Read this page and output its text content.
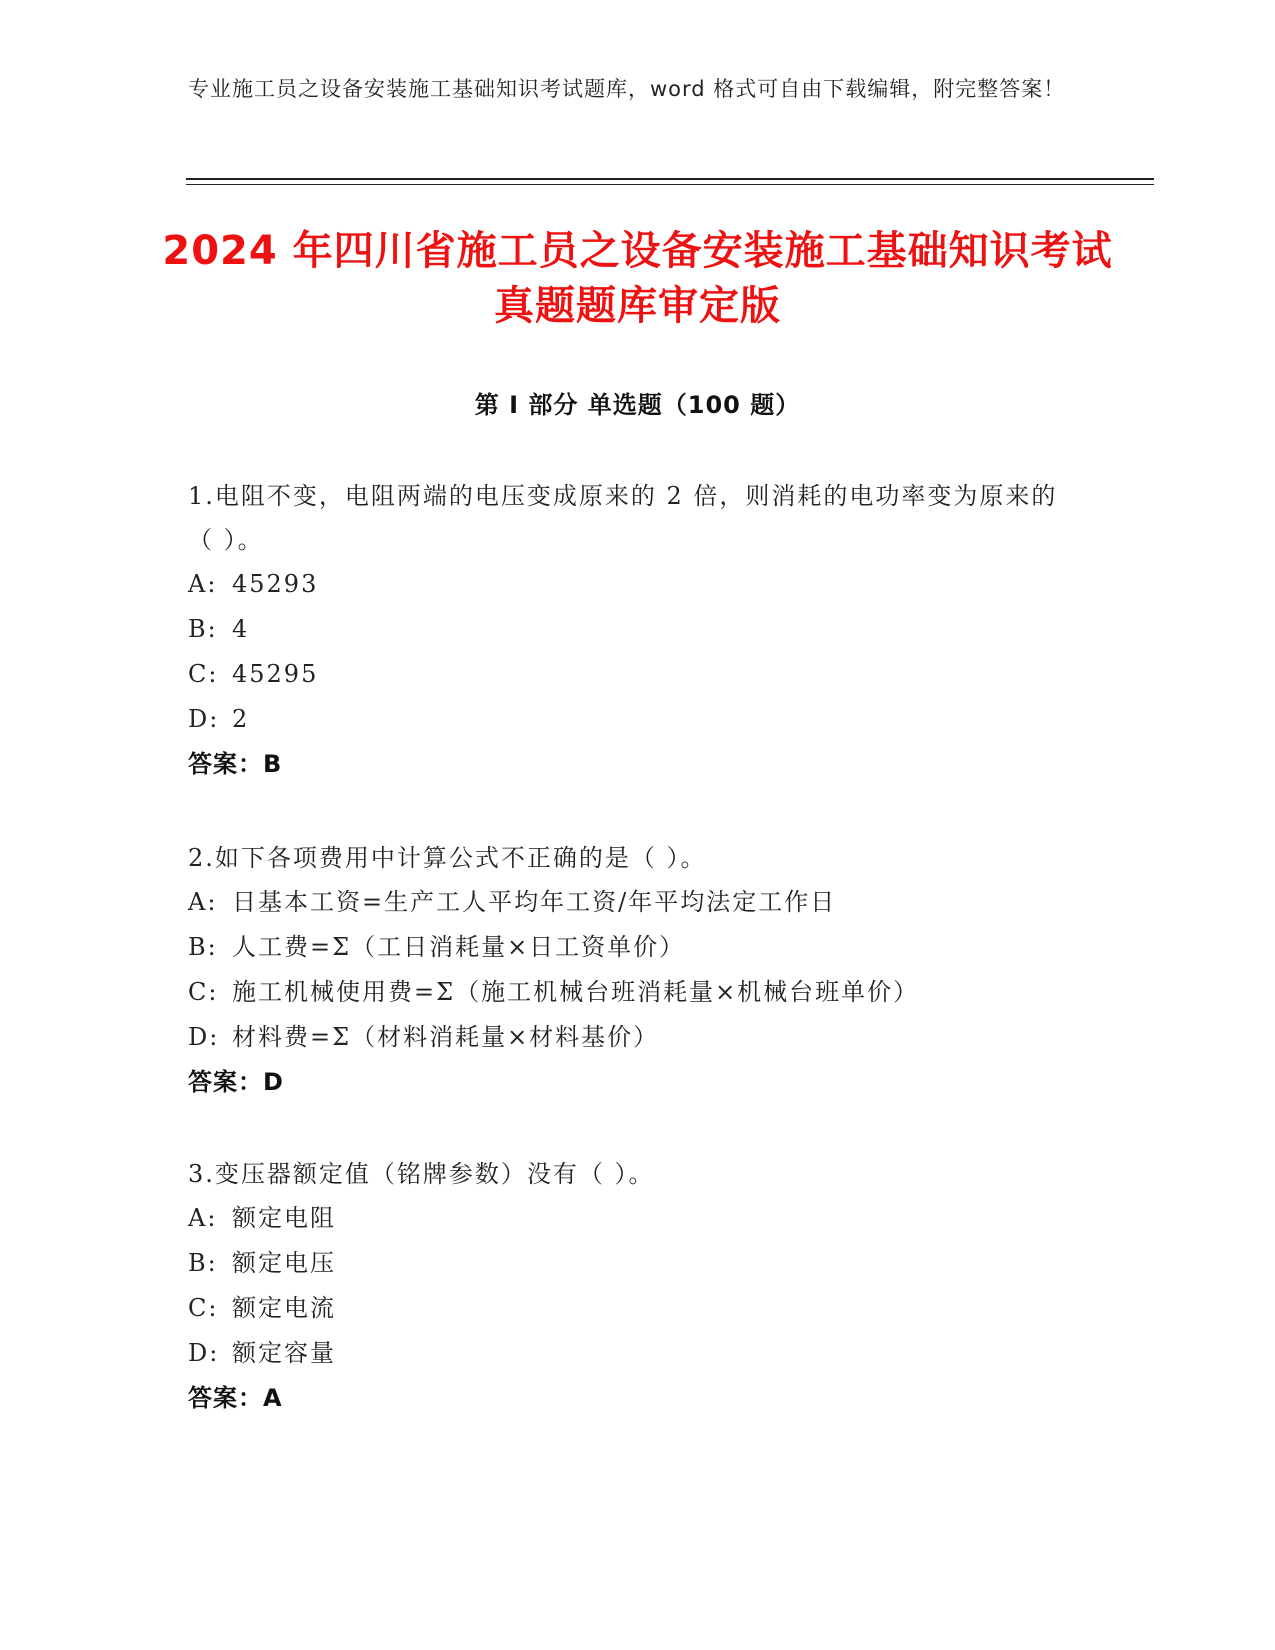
专业施工员之设备安装施工基础知识考试题库，word 格式可自由下载编辑，附完整答案！
2024 年四川省施工员之设备安装施工基础知识考试真题题库审定版
第 I 部分 单选题（100 题）

1.电阻不变，电阻两端的电压变成原来的 2 倍，则消耗的电功率变为原来的（ ）。

A: 45293

B: 4

C: 45295

D: 2

答案：B

2.如下各项费用中计算公式不正确的是（ ）。

A: 日基本工资=生产工人平均年工资/年平均法定工作日

B: 人工费=Σ（工日消耗量×日工资单价）

C: 施工机械使用费=Σ（施工机械台班消耗量×机械台班单价）

D: 材料费=Σ（材料消耗量×材料基价）

答案：D

3.变压器额定值（铭牌参数）没有（ ）。

A: 额定电阻

B: 额定电压

C: 额定电流

D: 额定容量

答案：A
